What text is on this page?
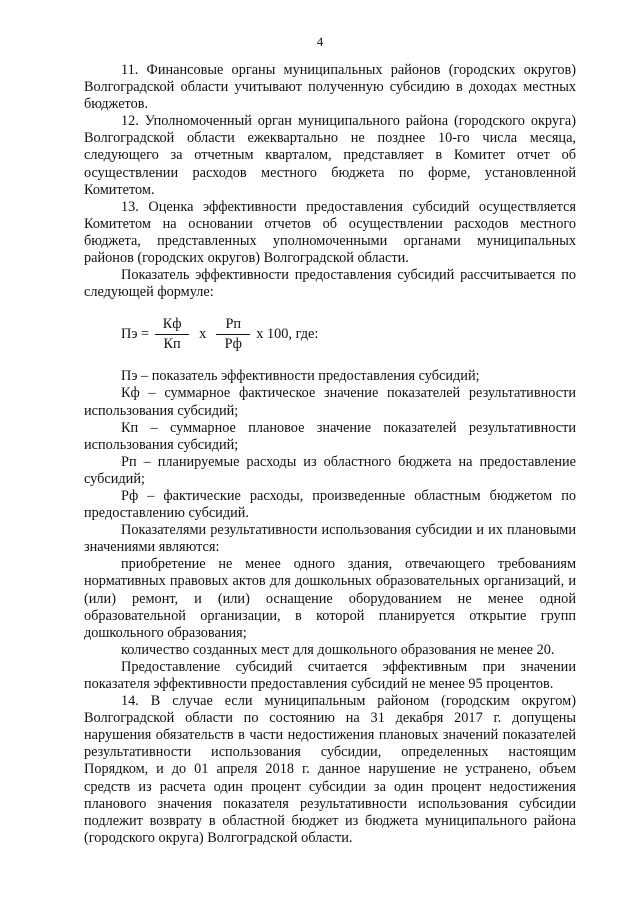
4

11. Финансовые органы муниципальных районов (городских округов) Волгоградской области учитывают полученную субсидию в доходах местных бюджетов.

12. Уполномоченный орган муниципального района (городского округа) Волгоградской области ежеквартально не позднее 10-го числа месяца, следующего за отчетным кварталом, представляет в Комитет отчет об осуществлении расходов местного бюджета по форме, установленной Комитетом.

13. Оценка эффективности предоставления субсидий осуществляется Комитетом на основании отчетов об осуществлении расходов местного бюджета, представленных уполномоченными органами муниципальных районов (городских округов) Волгоградской области.

Показатель эффективности предоставления субсидий рассчитывается по следующей формуле:

Пэ = $\frac{Кф}{Кп}$ x $\frac{Рп}{Рф}$ x 100, где:

Пэ – показатель эффективности предоставления субсидий;

Кф – суммарное фактическое значение показателей результативности использования субсидий;

Кп – суммарное плановое значение показателей результативности использования субсидий;

Рп – планируемые расходы из областного бюджета на предоставление субсидий;

Рф – фактические расходы, произведенные областным бюджетом по предоставлению субсидий.

Показателями результативности использования субсидии и их плановыми значениями являются:

приобретение не менее одного здания, отвечающего требованиям нормативных правовых актов для дошкольных образовательных организаций, и (или) ремонт, и (или) оснащение оборудованием не менее одной образовательной организации, в которой планируется открытие групп дошкольного образования;

количество созданных мест для дошкольного образования не менее 20.

Предоставление субсидий считается эффективным при значении показателя эффективности предоставления субсидий не менее 95 процентов.

14. В случае если муниципальным районом (городским округом) Волгоградской области по состоянию на 31 декабря 2017 г. допущены нарушения обязательств в части недостижения плановых значений показателей результативности использования субсидии, определенных настоящим Порядком, и до 01 апреля 2018 г. данное нарушение не устранено, объем средств из расчета один процент субсидии за один процент недостижения планового значения показателя результативности использования субсидии подлежит возврату в областной бюджет из бюджета муниципального района (городского округа) Волгоградской области.
